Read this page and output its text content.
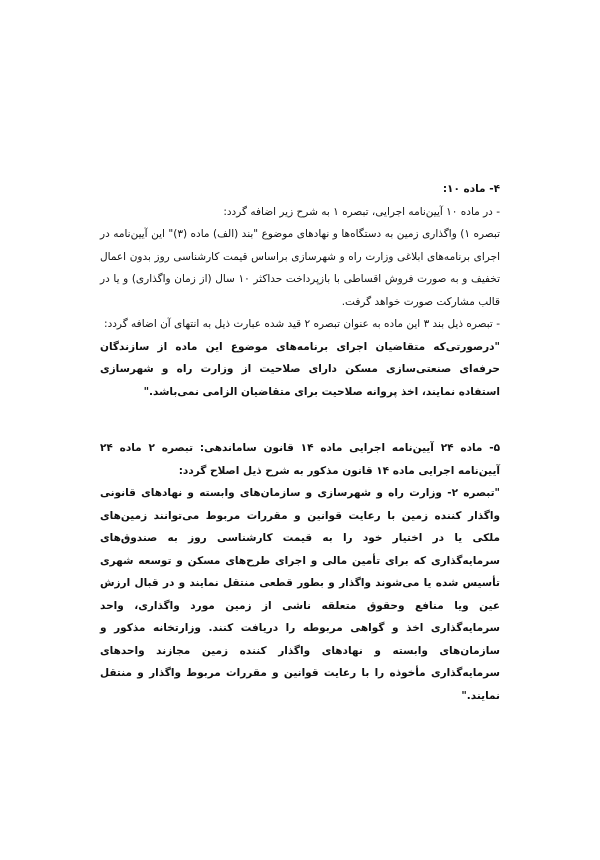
۴- ماده ۱۰:

- در ماده ۱۰ آیین‌نامه اجرایی، تبصره ۱ به شرح زیر اضافه گردد:

تبصره ۱) واگذاری زمین به دستگاه‌ها و نهادهای موضوع "بند (الف) ماده (۳)" این آیین‌نامه در اجرای برنامه‌های ابلاغی وزارت راه و شهرسازی براساس قیمت کارشناسی روز بدون اعمال تخفیف و به صورت فروش اقساطی با بازپرداخت حداکثر ۱۰ سال (از زمان واگذاری) و یا در قالب مشارکت صورت خواهد گرفت.

- تبصره ذیل بند ۳ این ماده به عنوان تبصره ۲ قید شده عبارت ذیل به انتهای آن اضافه گردد:

"درصورتی‌که متقاضیان اجرای برنامه‌های موضوع این ماده از سازندگان حرفه‌ای صنعتی‌سازی مسکن دارای صلاحیت از وزارت راه و شهرسازی استفاده نمایند، اخذ پروانه صلاحیت برای متقاضیان الزامی نمی‌باشد."

۵- ماده ۲۴ آیین‌نامه اجرایی ماده ۱۴ قانون ساماندهی: تبصره ۲ ماده ۲۴ آیین‌نامه اجرایی ماده ۱۴ قانون مذکور به شرح ذیل اصلاح گردد:

"تبصره ۲- وزارت راه و شهرسازی و سازمان‌های وابسته و نهادهای قانونی واگذار کننده زمین با رعایت قوانین و مقررات مربوط می‌توانند زمین‌های ملکی یا در اختیار خود را به قیمت کارشناسی روز به صندوق‌های سرمایه‌گذاری که برای تأمین مالی و اجرای طرح‌های مسکن و توسعه شهری تأسیس شده یا می‌شوند واگذار و بطور قطعی منتقل نمایند و در قبال ارزش عین ویا منافع وحقوق متعلقه ناشی از زمین مورد واگذاری، واحد سرمایه‌گذاری اخذ و گواهی مربوطه را دریافت کنند. وزارتخانه مذکور و سازمان‌های وابسته و نهادهای واگذار کننده زمین مجازند واحدهای سرمایه‌گذاری مأخوذه را با رعایت قوانین و مقررات مربوط واگذار و منتقل نمایند."
